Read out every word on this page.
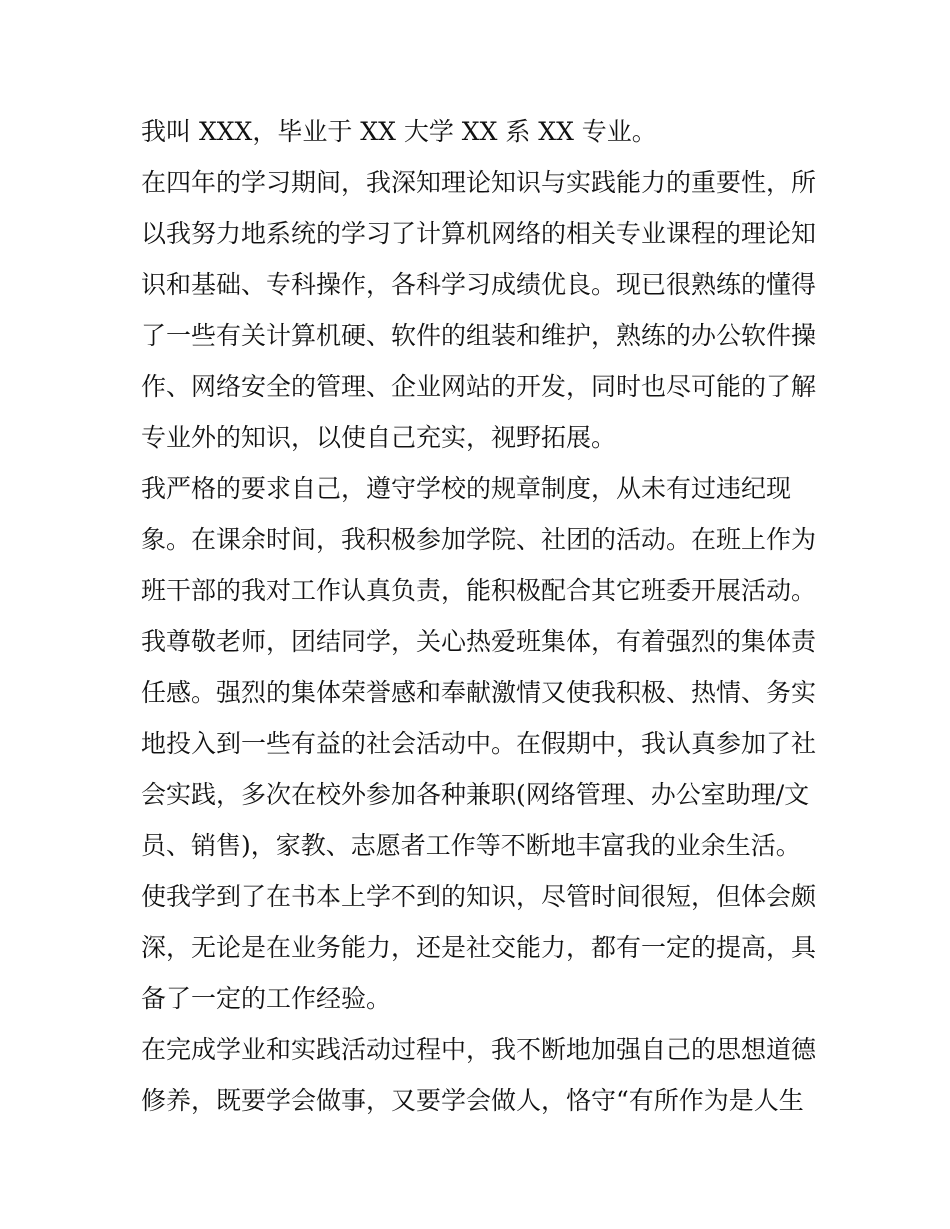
我叫 XXX，毕业于 XX 大学 XX 系 XX 专业。
在四年的学习期间，我深知理论知识与实践能力的重要性，所
以我努力地系统的学习了计算机网络的相关专业课程的理论知
识和基础、专科操作，各科学习成绩优良。现已很熟练的懂得
了一些有关计算机硬、软件的组装和维护，熟练的办公软件操
作、网络安全的管理、企业网站的开发，同时也尽可能的了解
专业外的知识，以使自己充实，视野拓展。
我严格的要求自己，遵守学校的规章制度，从未有过违纪现
象。在课余时间，我积极参加学院、社团的活动。在班上作为
班干部的我对工作认真负责，能积极配合其它班委开展活动。
我尊敬老师，团结同学，关心热爱班集体，有着强烈的集体责
任感。强烈的集体荣誉感和奉献激情又使我积极、热情、务实
地投入到一些有益的社会活动中。在假期中，我认真参加了社
会实践，多次在校外参加各种兼职(网络管理、办公室助理/文
员、销售)，家教、志愿者工作等不断地丰富我的业余生活。
使我学到了在书本上学不到的知识，尽管时间很短，但体会颇
深，无论是在业务能力，还是社交能力，都有一定的提高，具
备了一定的工作经验。
在完成学业和实践活动过程中，我不断地加强自己的思想道德
修养，既要学会做事，又要学会做人，恪守“有所作为是人生
